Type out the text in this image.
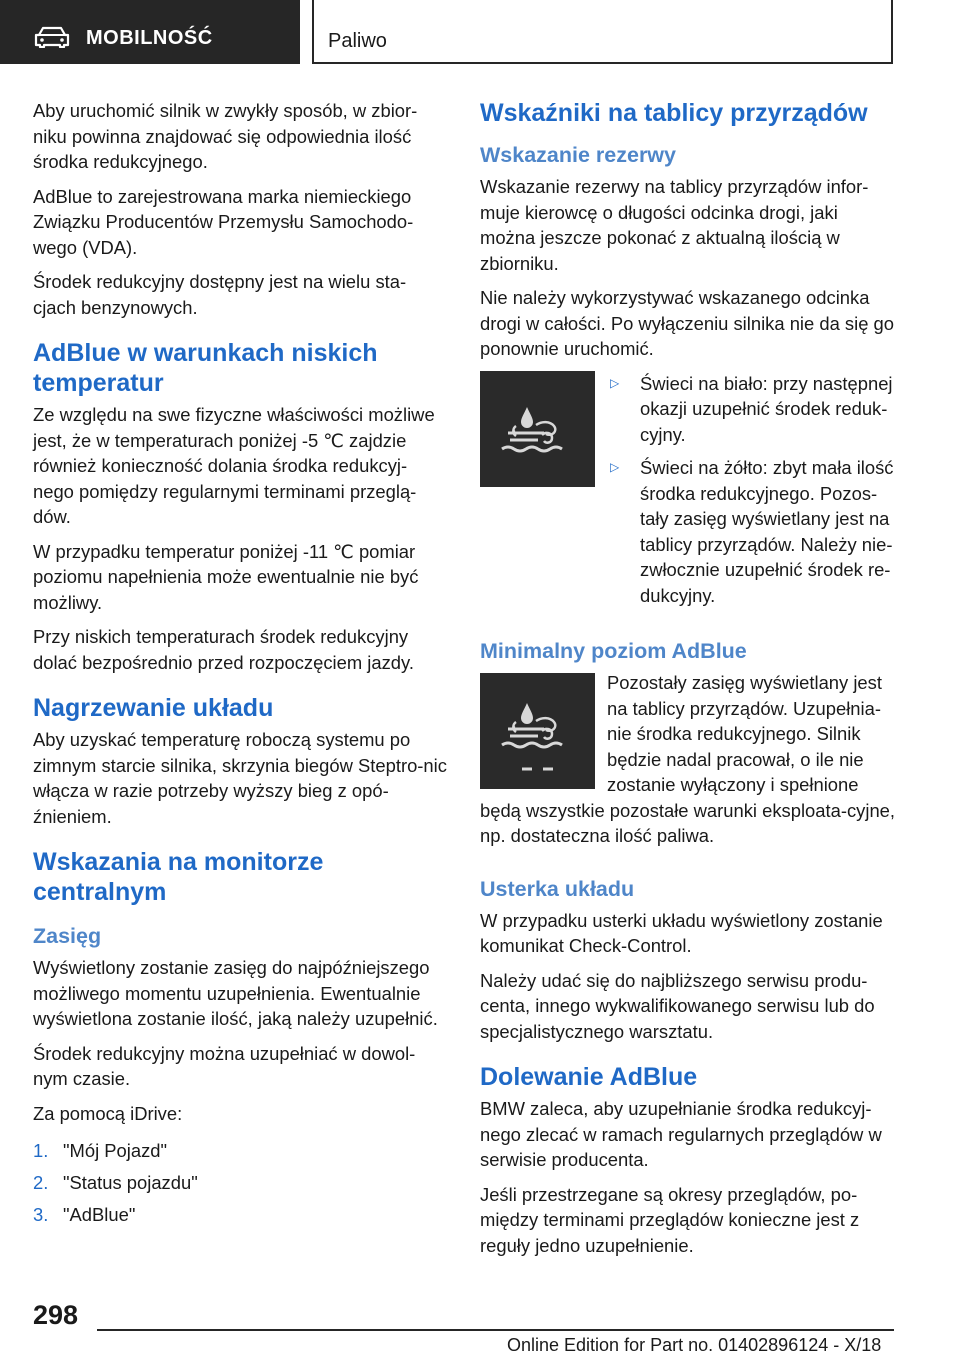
MOBILNOŚĆ	Paliwo

Aby uruchomić silnik w zwykły sposób, w zbior-niku powinna znajdować się odpowiednia ilość środka redukcyjnego.

AdBlue to zarejestrowana marka niemieckiego Związku Producentów Przemysłu Samochodo-wego (VDA).

Środek redukcyjny dostępny jest na wielu sta-cjach benzynowych.

AdBlue w warunkach niskich temperatur

Ze względu na swe fizyczne właściwości możliwe jest, że w temperaturach poniżej -5 ℃ zajdzie również konieczność dolania środka redukcyj-nego pomiędzy regularnymi terminami przeglą-dów.

W przypadku temperatur poniżej -11 ℃ pomiar poziomu napełnienia może ewentualnie nie być możliwy.

Przy niskich temperaturach środek redukcyjny dolać bezpośrednio przed rozpoczęciem jazdy.

Nagrzewanie układu

Aby uzyskać temperaturę roboczą systemu po zimnym starcie silnika, skrzynia biegów Steptro-nic włącza w razie potrzeby wyższy bieg z opó-źnieniem.

Wskazania na monitorze centralnym
Zasięg

Wyświetlony zostanie zasięg do najpóźniejszego możliwego momentu uzupełnienia. Ewentualnie wyświetlona zostanie ilość, jaką należy uzupełnić.

Środek redukcyjny można uzupełniać w dowol-nym czasie.

Za pomocą iDrive:

1. "Mój Pojazd"
2. "Status pojazdu"
3. "AdBlue"
Wskaźniki na tablicy przyrządów
Wskazanie rezerwy

Wskazanie rezerwy na tablicy przyrządów infor-muje kierowcę o długości odcinka drogi, jaki można jeszcze pokonać z aktualną ilością w zbiorniku.

Nie należy wykorzystywać wskazanego odcinka drogi w całości. Po wyłączeniu silnika nie da się go ponownie uruchomić.

▷	Świeci na biało: przy następnej okazji uzupełnić środek reduk-cyjny.
▷	Świeci na żółto: zbyt mała ilość środka redukcyjnego. Pozos-tały zasięg wyświetlany jest na tablicy przyrządów. Należy nie-zwłocznie uzupełnić środek re-dukcyjny.
Minimalny poziom AdBlue

Pozostały zasięg wyświetlany jest na tablicy przyrządów. Uzupełnia-nie środka redukcyjnego. Silnik będzie nadal pracował, o ile nie zostanie wyłączony i spełnione będą wszystkie pozostałe warunki eksploata-cyjne, np. dostateczna ilość paliwa.

Usterka układu

W przypadku usterki układu wyświetlony zostanie komunikat Check-Control.

Należy udać się do najbliższego serwisu produ-centa, innego wykwalifikowanego serwisu lub do specjalistycznego warsztatu.

Dolewanie AdBlue

BMW zaleca, aby uzupełnianie środka redukcyj-nego zlecać w ramach regularnych przeglądów w serwisie producenta.

Jeśli przestrzegane są okresy przeglądów, po-między terminami przeglądów konieczne jest z reguły jedno uzupełnienie.

298
Online Edition for Part no. 01402896124 - X/18
